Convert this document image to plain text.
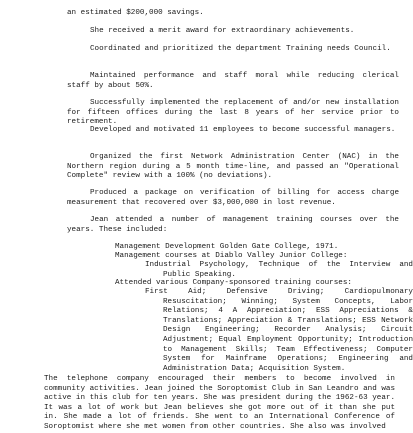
an estimated $200,000 savings.

She received a merit award for extraordinary achievements.

Coordinated and prioritized the department Training needs Council.

Maintained performance and staff moral while reducing clerical staff by about 50%.

Successfully implemented the replacement of and/or new installation for fifteen offices during the last 8 years of her service prior to retirement.

Developed and motivated 11 employees to become successful managers.

Organized the first Network Administration Center (NAC) in the Northern region during a 5 month time-line, and passed an "Operational Complete" review with a 100% (no deviations).

Produced a package on verification of billing for access charge measurement that recovered over $3,000,000 in lost revenue.

Jean attended a number of management training courses over the years. These included:

Management Development Golden Gate College, 1971.

Management courses at Diablo Valley Junior College:

Industrial Psychology, Technique of the Interview and Public Speaking.

Attended various Company-sponsored training courses:

First Aid; Defensive Driving; Cardiopulmonary Resuscitation; Winning; System Concepts, Labor Relations; 4 A Appreciation; ESS Appreciations & Translations; Appreciation & Translations; ESS Network Design Engineering; Recorder Analysis; Circuit Adjustment; Equal Employment Opportunity; Introduction to Management Skills; Team Effectiveness; Computer System for Mainframe Operations; Engineering and Administration Data; Acquisition System.

The telephone company encouraged their members to become involved in community activities. Jean joined the Soroptomist Club in San Leandro and was active in this club for ten years. She was president during the 1962-63 year. It was a lot of work but Jean believes she got more out of it than she put in. She made a lot of friends. She went to an International Conference of Soroptomist where she met women from other countries. She also was involved
